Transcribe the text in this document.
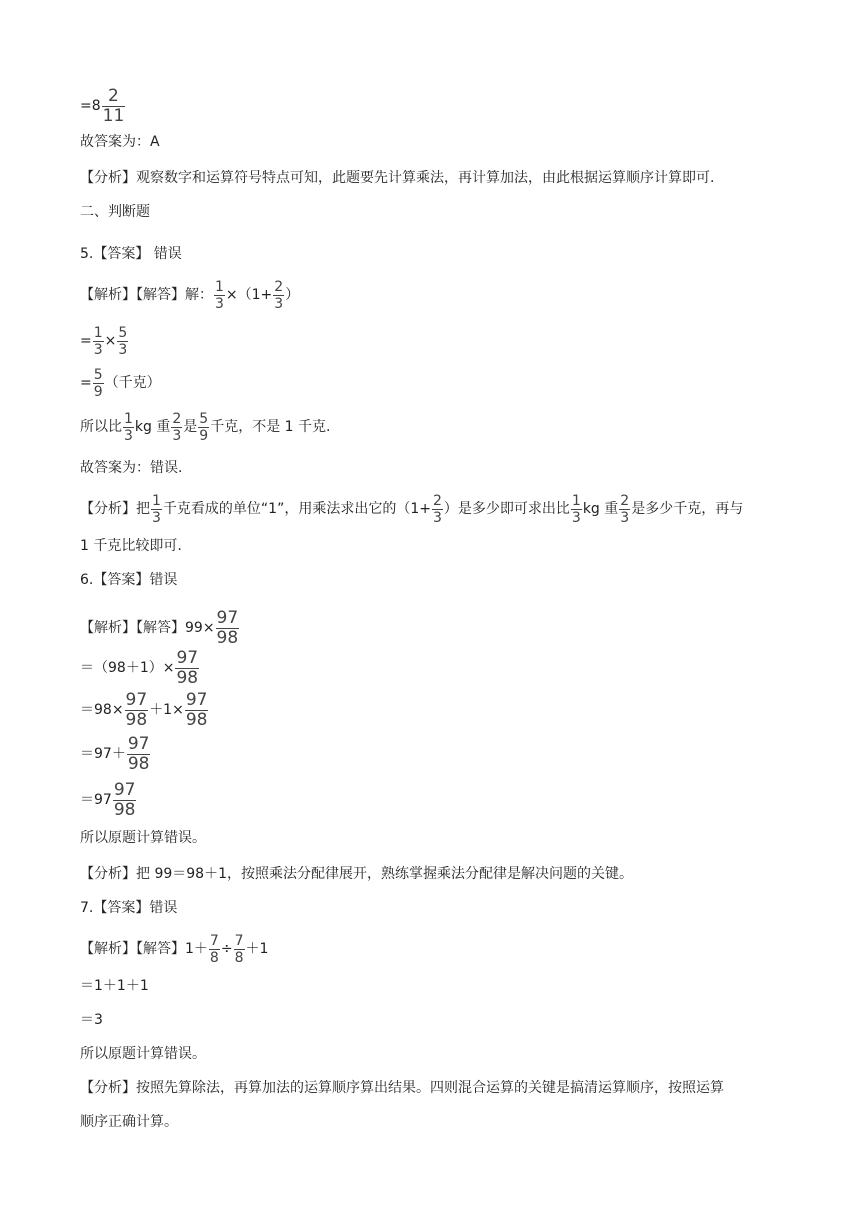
$=8 \frac{2}{11}$
故答案为：A
【分析】观察数字和运算符号特点可知，此题要先计算乘法，再计算加法，由此根据运算顺序计算即可.
二、判断题
5.【答案】 错误
【解析】【解答】解： $\frac{1}{3} \times(1+ \frac{2}{3}$ ）
= $\frac{1}{3} \times \frac{5}{3}$
= $\frac{5}{9}$ （千克）
所以比 $\frac{1}{3}$ kg 重 $\frac{2}{3}$ 是 $\frac{5}{9}$ 千克，不是 1 千克.
故答案为：错误.
【分析】把 $\frac{1}{3}$ 千克看成的单位“1”，用乘法求出它的（$1+ \frac{2}{3}$ ）是多少即可求出比 $\frac{1}{3}$ kg 重 $\frac{2}{3}$ 是多少千克，再与
1 千克比较即可.
6.【答案】错误
【解析】【解答】$99\times \frac{97}{98}$
$=(98+1)\times \frac{97}{98}$
$=98\times \frac{97}{98} +1\times \frac{97}{98}$
$=97+ \frac{97}{98}$
$=97 \frac{97}{98}$
所以原题计算错误。
【分析】把 99＝98＋1，按照乘法分配律展开，熟练掌握乘法分配律是解决问题的关键。
7.【答案】错误
【解析】【解答】$1+ \frac{7}{8} \div \frac{7}{8} +1$
＝1＋1＋1
＝3
所以原题计算错误。
【分析】按照先算除法，再算加法的运算顺序算出结果。四则混合运算的关键是搞清运算顺序，按照运算
顺序正确计算。
